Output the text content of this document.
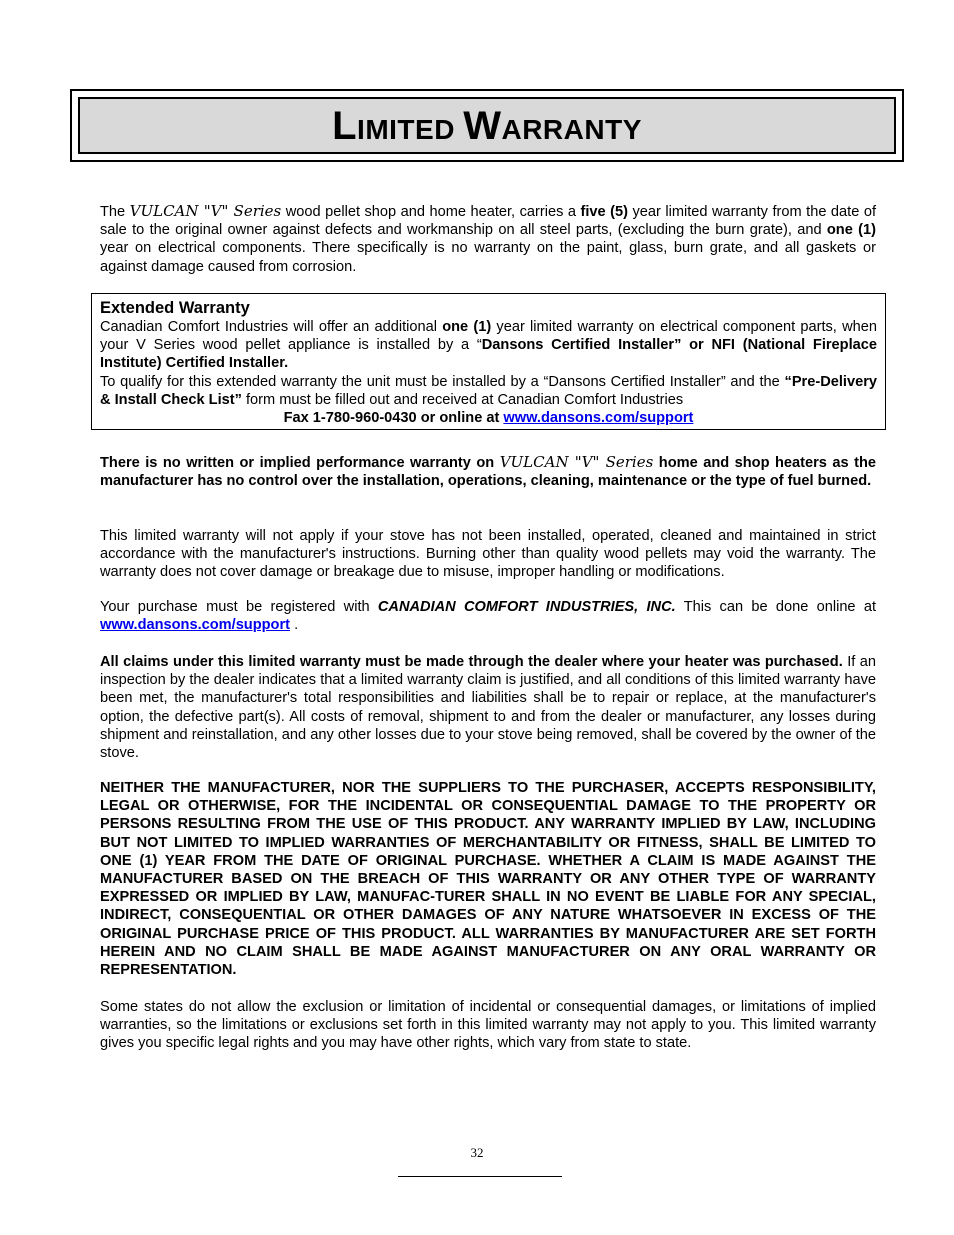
LIMITED WARRANTY

The VULCAN "V" Series wood pellet shop and home heater, carries a five (5) year limited warranty from the date of sale to the original owner against defects and workmanship on all steel parts, (excluding the burn grate), and one (1) year on electrical components. There specifically is no warranty on the paint, glass, burn grate, and all gaskets or against damage caused from corrosion.

Extended Warranty

Canadian Comfort Industries will offer an additional one (1) year limited warranty on electrical component parts, when your V Series wood pellet appliance is installed by a “Dansons Certified Installer” or NFI (National Fireplace Institute) Certified Installer.

To qualify for this extended warranty the unit must be installed by a “Dansons Certified Installer” and the “Pre-Delivery & Install Check List” form must be filled out and received at Canadian Comfort Industries

Fax 1-780-960-0430 or online at www.dansons.com/support

There is no written or implied performance warranty on VULCAN "V" Series home and shop heaters as the manufacturer has no control over the installation, operations, cleaning, maintenance or the type of fuel burned.

This limited warranty will not apply if your stove has not been installed, operated, cleaned and maintained in strict accordance with the manufacturer's instructions. Burning other than quality wood pellets may void the warranty. The warranty does not cover damage or breakage due to misuse, improper handling or modifications.

Your purchase must be registered with CANADIAN COMFORT INDUSTRIES, INC. This can be done online at www.dansons.com/support .

All claims under this limited warranty must be made through the dealer where your heater was purchased. If an inspection by the dealer indicates that a limited warranty claim is justified, and all conditions of this limited warranty have been met, the manufacturer's total responsibilities and liabilities shall be to repair or replace, at the manufacturer's option, the defective part(s). All costs of removal, shipment to and from the dealer or manufacturer, any losses during shipment and reinstallation, and any other losses due to your stove being removed, shall be covered by the owner of the stove.

NEITHER THE MANUFACTURER, NOR THE SUPPLIERS TO THE PURCHASER, ACCEPTS RESPONSIBILITY, LEGAL OR OTHERWISE, FOR THE INCIDENTAL OR CONSEQUENTIAL DAMAGE TO THE PROPERTY OR PERSONS RESULTING FROM THE USE OF THIS PRODUCT. ANY WARRANTY IMPLIED BY LAW, INCLUDING BUT NOT LIMITED TO IMPLIED WARRANTIES OF MERCHANTABILITY OR FITNESS, SHALL BE LIMITED TO ONE (1) YEAR FROM THE DATE OF ORIGINAL PURCHASE. WHETHER A CLAIM IS MADE AGAINST THE MANUFACTURER BASED ON THE BREACH OF THIS WARRANTY OR ANY OTHER TYPE OF WARRANTY EXPRESSED OR IMPLIED BY LAW, MANUFAC-TURER SHALL IN NO EVENT BE LIABLE FOR ANY SPECIAL, INDIRECT, CONSEQUENTIAL OR OTHER DAMAGES OF ANY NATURE WHATSOEVER IN EXCESS OF THE ORIGINAL PURCHASE PRICE OF THIS PRODUCT. ALL WARRANTIES BY MANUFACTURER ARE SET FORTH HEREIN AND NO CLAIM SHALL BE MADE AGAINST MANUFACTURER ON ANY ORAL WARRANTY OR REPRESENTATION.

Some states do not allow the exclusion or limitation of incidental or consequential damages, or limitations of implied warranties, so the limitations or exclusions set forth in this limited warranty may not apply to you. This limited warranty gives you specific legal rights and you may have other rights, which vary from state to state.

32
